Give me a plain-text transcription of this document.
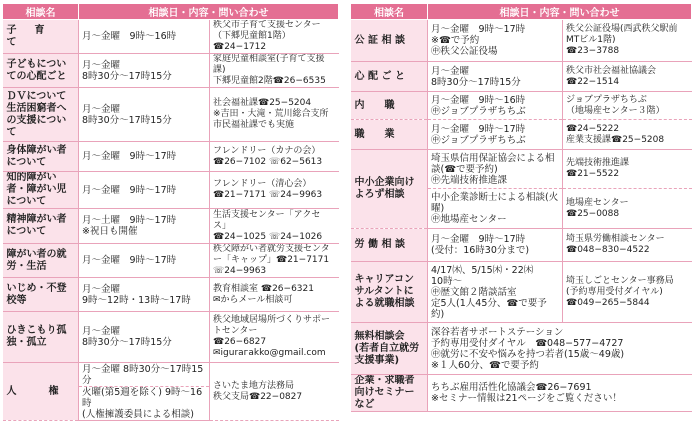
相談名	相談日・内容・問い合わせ	
子　育　て	月～金曜　9時～16時	秩父市子育て支援センター
（下郷児童館1階）☎24−1712
子どもについての心配ごと	月～金曜
8時30分～17時15分	家庭児童相談室(子育て支援課)
下郷児童館2階☎26−6535
ＤＶについて
生活困窮者への支援について	月～金曜
8時30分～17時15分	社会福祉課☎25−5204
※吉田・大滝・荒川総合支所市民福祉課でも実施
身体障がい者について	月～金曜　9時～17時	フレンドリー（カナの会）
☎26−7102 ☏62−5613
知的障がい者・障がい児について	月～金曜　9時～17時	フレンドリー（清心会）
☎21−7171 ☏24−9963
精神障がい者について	月～土曜　9時～17時
※祝日も開催	生活支援センター「アクセス」
☎24−1025 ☏24−1026
障がい者の就労・生活	月～金曜　9時～17時	秩父障がい者就労支援センター「キャップ」☎21−7171 ☏24−9963
いじめ・不登校等	月～金曜
9時～12時・13時～17時	教育相談室 ☎26−6321
✉からメール相談可
ひきこもり孤独・孤立	月～金曜
8時30分～17時15分	秩父地域居場所づくりサポートセンター
☎26−6827
✉igurагakko@gmail.com
人　　権	月～金曜 8時30分～17時15分	さいたま地方法務局
秩父支局☎22−0827
	火曜(第5週を除く) 9時～16時
(人権擁護委員による相談)	
相談名	相談日・内容・問い合わせ	
公 証 相 談	月～金曜　9時～17時
※☎で予約
㊥秩父公証役場	秩父公証役場(西武秩父駅前MTビル1階)
☎23−3788
心 配 ご と	月～金曜
8時30分～17時15分	秩父市社会福祉協議会
☎22−1514
内　　職	月～金曜　9時～16時
㊥ジョブプラザちちぶ	ジョブプラザちちぶ
（地場産センター３階）
職　　業	月～金曜　9時～17時
㊥ジョブプラザちちぶ	☎24−5222
産業支援課☎25−5208
中小企業向けよろず相談	埼玉県信用保証協会による相談(☎で要予約)
㊥先端技術推進課	先端技術推進課
☎21−5522
	中小企業診断士による相談(火曜)
㊥地場産センター	地場産センター
☎25−0088
労 働 相 談	月～金曜　9時～17時
(受付：16時30分まで)	埼玉県労働相談センター
☎048−830−4522
キャリアコンサルタントによる就職相談	4/17㈭、5/15㈭・22㈭
10時～
㊥歴文館２階談話室
定5人(1人45分、☎で要予約)	埼玉しごとセンター事務局
(予約専用受付ダイヤル)
☎049−265−5844
無料相談会
(若者自立就労支援事業)	深谷若者サポートステーション
予約専用受付ダイヤル　☎048−577−4727
㊥就労に不安や悩みを持つ若者(15歳～49歳)
※１人60分、☎で要予約	
企業・求職者向けセミナーなど	ちちぶ雇用活性化協議会☎26−7691
※セミナー情報は21ページをご覧ください！	
